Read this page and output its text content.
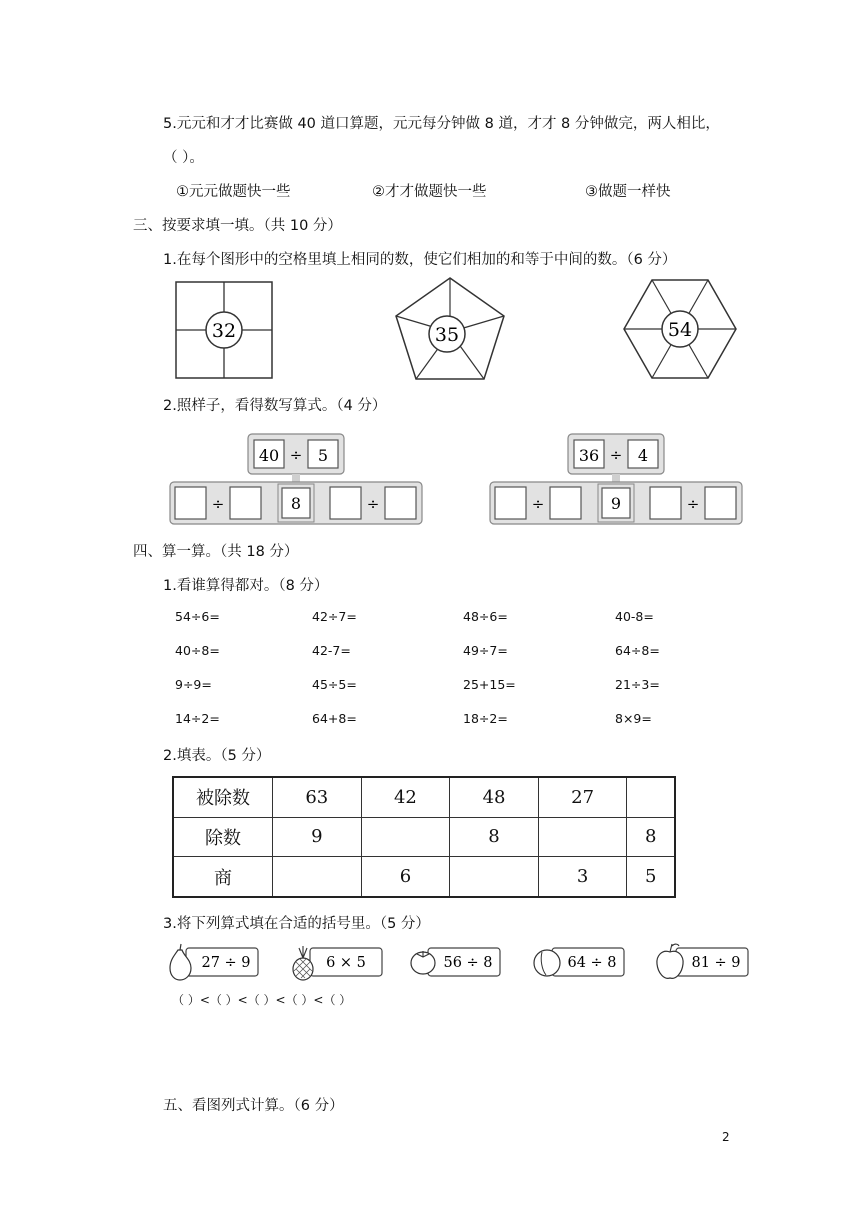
5.元元和才才比赛做 40 道口算题，元元每分钟做 8 道，才才 8 分钟做完，两人相比，
（ ）。
①元元做题快一些	②才才做题快一些	③做题一样快
三、按要求填一填。（共 10 分）
1.在每个图形中的空格里填上相同的数，使它们相加的和等于中间的数。（6 分）
32	35	54
2.照样子，看得数写算式。（4 分）
40 ÷ 5
÷	8	÷
36 ÷ 4
÷	9	÷
四、算一算。（共 18 分）
1.看谁算得都对。（8 分）
54÷6=	42÷7=	48÷6=	40-8=
40÷8=	42-7=	49÷7=	64÷8=
9÷9=	45÷5=	25+15=	21÷3=
14÷2=	64+8=	18÷2=	8×9=
2.填表。（5 分）
被除数	63	42	48	27	
除数	9		8		8
商		6		3	5
3.将下列算式填在合适的括号里。（5 分）
27 ÷ 9	6 × 5	56 ÷ 8	64 ÷ 8	81 ÷ 9
（ ）<（ ）<（ ）<（ ）<（ ）
五、看图列式计算。（6 分）
2
